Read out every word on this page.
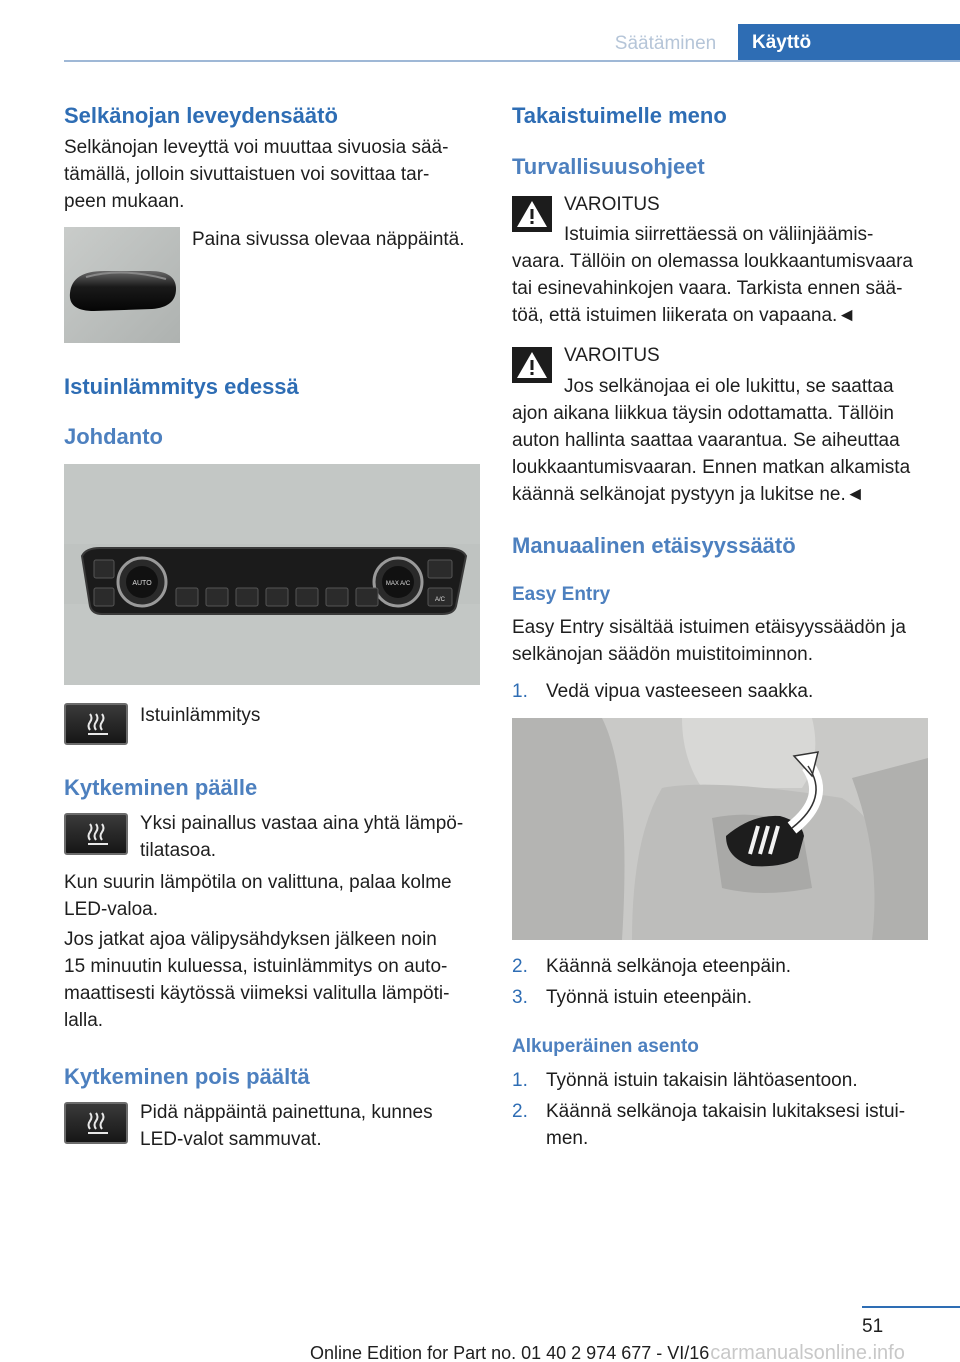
Säätäminen	Käyttö
Selkänojan leveydensäätö

Selkänojan leveyttä voi muuttaa sivuosia sää-

tämällä, jolloin sivuttaistuen voi sovittaa tar-

peen mukaan.

Paina sivussa olevaa näppäintä.

Istuinlämmitys edessä
Johdanto
AUTO	MAX A/C
A/C

Istuinlämmitys

Kytkeminen päälle

Yksi painallus vastaa aina yhtä lämpö-

tilatasoa.

Kun suurin lämpötila on valittuna, palaa kolme

LED-valoa.

Jos jatkat ajoa välipysähdyksen jälkeen noin

15 minuutin kuluessa, istuinlämmitys on auto-

maattisesti käytössä viimeksi valitulla lämpöti-

lalla.

Kytkeminen pois päältä

Pidä näppäintä painettuna, kunnes

LED-valot sammuvat.

Takaistuimelle meno
Turvallisuusohjeet

VAROITUS

Istuimia siirrettäessä on väliinjäämis-

vaara. Tällöin on olemassa loukkaantumisvaara

tai esinevahinkojen vaara. Tarkista ennen sää-

töä, että istuimen liikerata on vapaana.◄

VAROITUS

Jos selkänojaa ei ole lukittu, se saattaa

ajon aikana liikkua täysin odottamatta. Tällöin

auton hallinta saattaa vaarantua. Se aiheuttaa

loukkaantumisvaaran. Ennen matkan alkamista

käännä selkänojat pystyyn ja lukitse ne.◄

Manuaalinen etäisyyssäätö
Easy Entry

Easy Entry sisältää istuimen etäisyyssäädön ja

selkänojan säädön muistitoiminnon.

1. Vedä vipua vasteeseen saakka.
2. Käännä selkänoja eteenpäin.
3. Työnnä istuin eteenpäin.
Alkuperäinen asento
1. Työnnä istuin takaisin lähtöasentoon.
2. Käännä selkänoja takaisin lukitaksesi istui-
men.
51
Online Edition for Part no. 01 40 2 974 677 - VI/16 carmanualsonline.info
